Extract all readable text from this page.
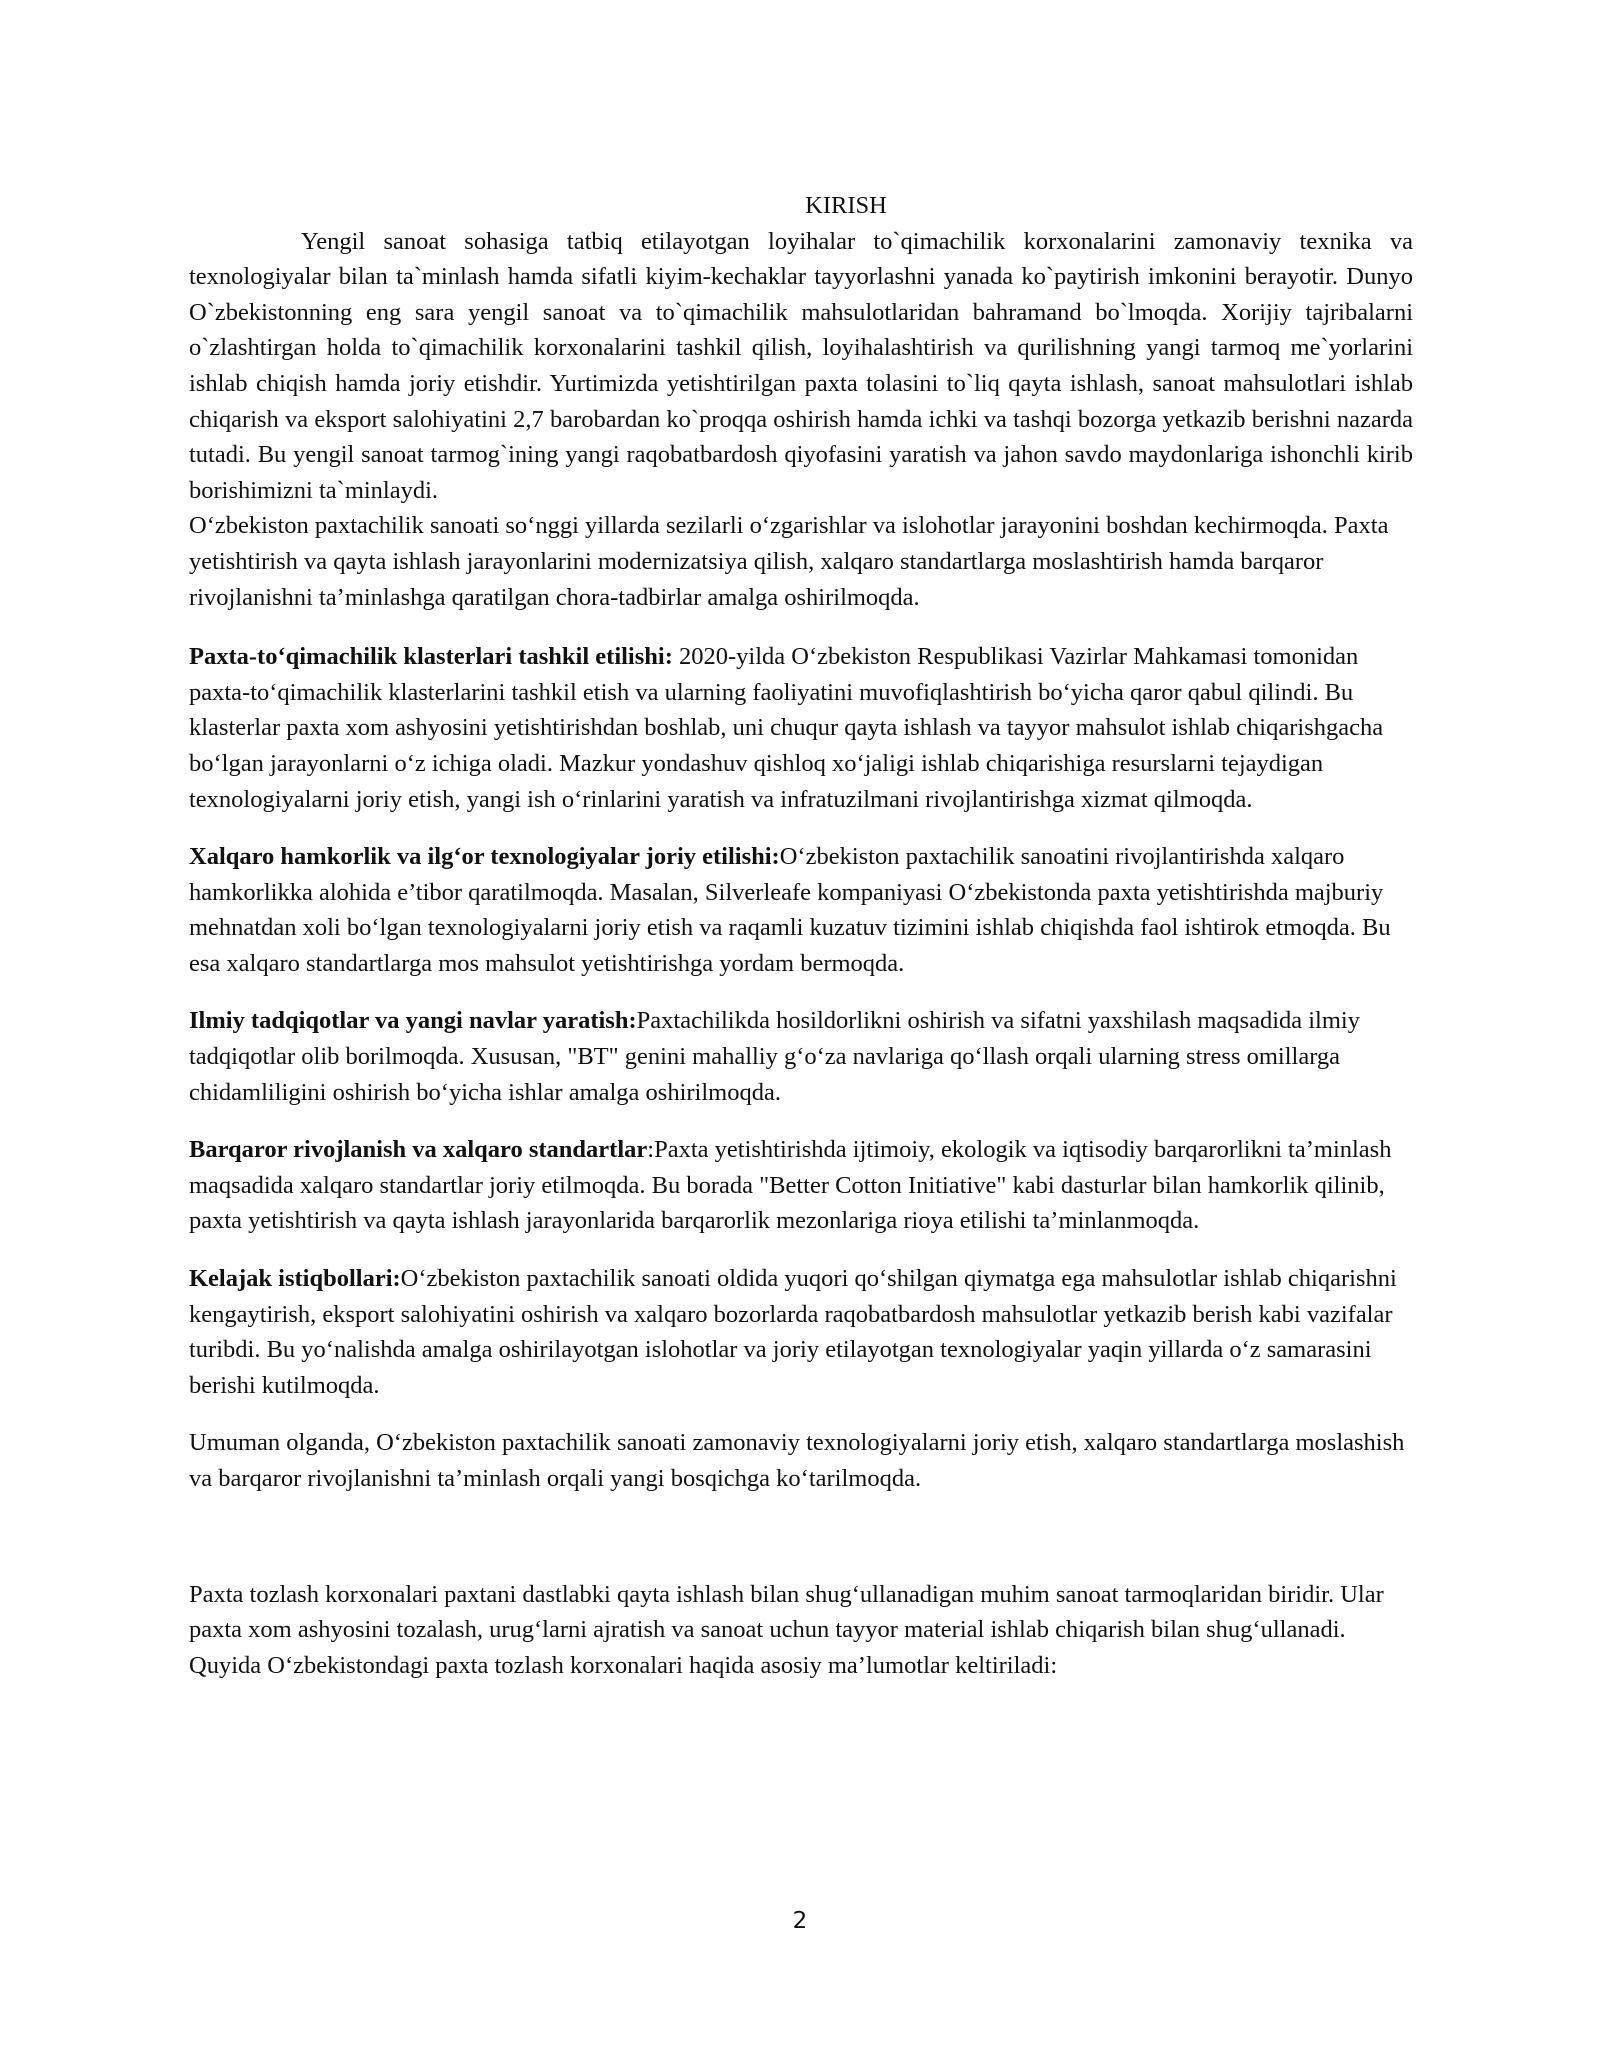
KIRISH

Yengil sanoat sohasiga tatbiq etilayotgan loyihalar to`qimachilik korxonalarini zamonaviy texnika va texnologiyalar bilan ta`minlash hamda sifatli kiyim-kechaklar tayyorlashni yanada ko`paytirish imkonini berayotir. Dunyo O`zbekistonning eng sara yengil sanoat va to`qimachilik mahsulotlaridan bahramand bo`lmoqda. Xorijiy tajribalarni o`zlashtirgan holda to`qimachilik korxonalarini tashkil qilish, loyihalashtirish va qurilishning yangi tarmoq me`yorlarini ishlab chiqish hamda joriy etishdir. Yurtimizda yetishtirilgan paxta tolasini to`liq qayta ishlash, sanoat mahsulotlari ishlab chiqarish va eksport salohiyatini 2,7 barobardan ko`proqqa oshirish hamda ichki va tashqi bozorga yetkazib berishni nazarda tutadi. Bu yengil sanoat tarmog`ining yangi raqobatbardosh qiyofasini yaratish va jahon savdo maydonlariga ishonchli kirib borishimizni ta`minlaydi.

O‘zbekiston paxtachilik sanoati so‘nggi yillarda sezilarli o‘zgarishlar va islohotlar jarayonini boshdan kechirmoqda. Paxta yetishtirish va qayta ishlash jarayonlarini modernizatsiya qilish, xalqaro standartlarga moslashtirish hamda barqaror rivojlanishni ta’minlashga qaratilgan chora-tadbirlar amalga oshirilmoqda.

Paxta-to‘qimachilik klasterlari tashkil etilishi: 2020-yilda O‘zbekiston Respublikasi Vazirlar Mahkamasi tomonidan paxta-to‘qimachilik klasterlarini tashkil etish va ularning faoliyatini muvofiqlashtirish bo‘yicha qaror qabul qilindi. Bu klasterlar paxta xom ashyosini yetishtirishdan boshlab, uni chuqur qayta ishlash va tayyor mahsulot ishlab chiqarishgacha bo‘lgan jarayonlarni o‘z ichiga oladi. Mazkur yondashuv qishloq xo‘jaligi ishlab chiqarishiga resurslarni tejaydigan texnologiyalarni joriy etish, yangi ish o‘rinlarini yaratish va infratuzilmani rivojlantirishga xizmat qilmoqda.

Xalqaro hamkorlik va ilg‘or texnologiyalar joriy etilishi:O‘zbekiston paxtachilik sanoatini rivojlantirishda xalqaro hamkorlikka alohida e’tibor qaratilmoqda. Masalan, Silverleafe kompaniyasi O‘zbekistonda paxta yetishtirishda majburiy mehnatdan xoli bo‘lgan texnologiyalarni joriy etish va raqamli kuzatuv tizimini ishlab chiqishda faol ishtirok etmoqda. Bu esa xalqaro standartlarga mos mahsulot yetishtirishga yordam bermoqda.

Ilmiy tadqiqotlar va yangi navlar yaratish:Paxtachilikda hosildorlikni oshirish va sifatni yaxshilash maqsadida ilmiy tadqiqotlar olib borilmoqda. Xususan, "BT" genini mahalliy g‘o‘za navlariga qo‘llash orqali ularning stress omillarga chidamliligini oshirish bo‘yicha ishlar amalga oshirilmoqda.

Barqaror rivojlanish va xalqaro standartlar:Paxta yetishtirishda ijtimoiy, ekologik va iqtisodiy barqarorlikni ta’minlash maqsadida xalqaro standartlar joriy etilmoqda. Bu borada "Better Cotton Initiative" kabi dasturlar bilan hamkorlik qilinib, paxta yetishtirish va qayta ishlash jarayonlarida barqarorlik mezonlariga rioya etilishi ta’minlanmoqda.

Kelajak istiqbollari:O‘zbekiston paxtachilik sanoati oldida yuqori qo‘shilgan qiymatga ega mahsulotlar ishlab chiqarishni kengaytirish, eksport salohiyatini oshirish va xalqaro bozorlarda raqobatbardosh mahsulotlar yetkazib berish kabi vazifalar turibdi. Bu yo‘nalishda amalga oshirilayotgan islohotlar va joriy etilayotgan texnologiyalar yaqin yillarda o‘z samarasini berishi kutilmoqda.

Umuman olganda, O‘zbekiston paxtachilik sanoati zamonaviy texnologiyalarni joriy etish, xalqaro standartlarga moslashish va barqaror rivojlanishni ta’minlash orqali yangi bosqichga ko‘tarilmoqda.

Paxta tozlash korxonalari paxtani dastlabki qayta ishlash bilan shug‘ullanadigan muhim sanoat tarmoqlaridan biridir. Ular paxta xom ashyosini tozalash, urug‘larni ajratish va sanoat uchun tayyor material ishlab chiqarish bilan shug‘ullanadi. Quyida O‘zbekistondagi paxta tozlash korxonalari haqida asosiy ma’lumotlar keltiriladi:

2
